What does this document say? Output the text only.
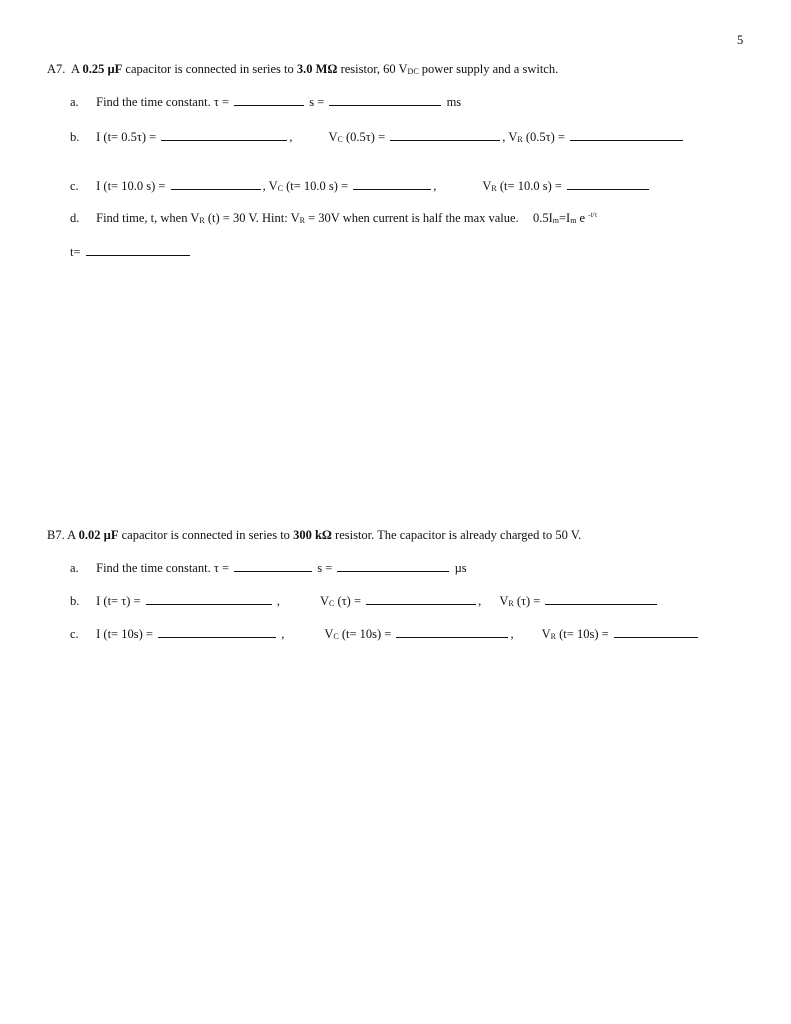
5
A7. A 0.25 µF capacitor is connected in series to 3.0 MΩ resistor, 60 $V_{DC}$ power supply and a switch.
a. Find the time constant. τ =	s =	ms
b. I (t= 0.5τ) =	,	$V_C$ (0.5τ) =	, $V_R$ (0.5τ) =
c. I (t= 10.0 s) =	, $V_C$ (t= 10.0 s) =	,	$V_R$ (t= 10.0 s) =
d. Find time, t, when $V_R$ (t) = 30 V. Hint: $V_R = 30V$ when current is half the max value. $0.5I_m=I_m$ e $^{-t/\tau}$
t=
B7. A 0.02 µF capacitor is connected in series to 300 kΩ resistor. The capacitor is already charged to 50 V.
a. Find the time constant. τ =	s =	µs
b. I (t= τ) =	,	$V_C$ (τ) =	,  $V_R$ (τ) =
c. I (t= 10s) =	,	$V_C$ (t= 10s) =	,  $V_R$ (t= 10s) =
